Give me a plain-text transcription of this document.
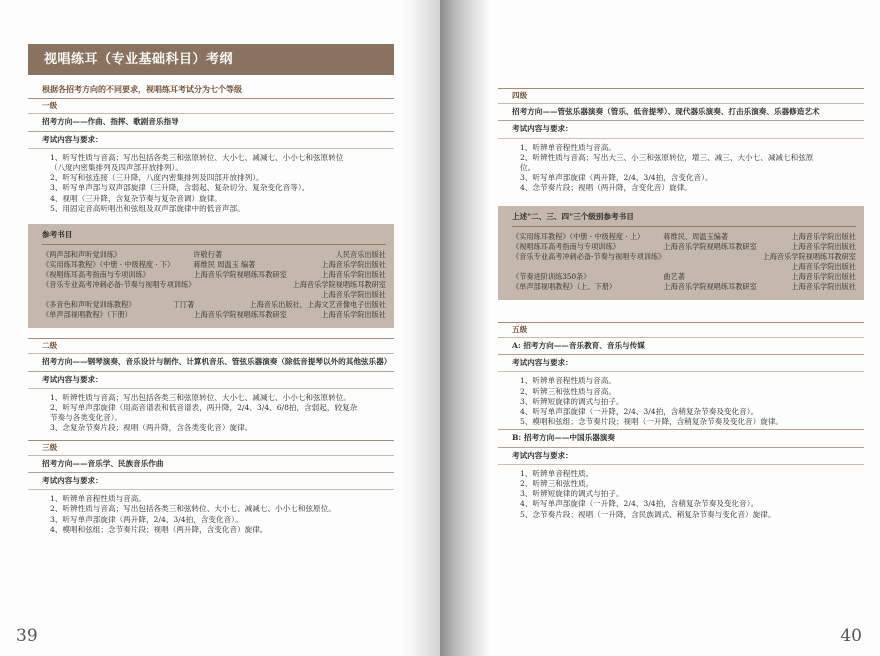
视唱练耳（专业基础科目）考纲
根据各招考方向的不同要求，视唱练耳考试分为七个等级
一级
招考方向——作曲、指挥、歌剧音乐指导
考试内容与要求：
1、听写性质与音高；写出包括各类三和弦原转位、大小七、减减七、小小七和弦原转位
（八度内密集排列及四声部开放排列）。
2、听写和弦连接（三升降，八度内密集排列及四部开放排列）。
3、听写单声部与双声部旋律（三升降，含弱起、复杂切分、复杂变化音等）。
4、视唱（三升降，含复杂节奏与复杂音调）旋律。
5、用固定音高听唱出和弦组及双声部旋律中的低音声部。
参考书目
《两声部和声听觉训练》	许敬行著	人民音乐出版社
《实用练耳教程》（中册 · 中级程度 · 下）	蒋维民 周温玉 编著	上海音乐学院出版社
《视唱练耳高考指南与专项训练》	上海音乐学院视唱练耳教研室	上海音乐学院出版社
《音乐专业高考冲刺必备-节奏与视唱专项训练》	上海音乐学院视唱练耳教研室
上海音乐学院出版社
《多音色和声听觉训练教程》	丁汀著	上海音乐出版社，上海文艺音像电子出版社
《单声部视唱教程》（下册）	上海音乐学院视唱练耳教研室	上海音乐学院出版社
二级
招考方向——钢琴演奏、音乐设计与制作、计算机音乐、管弦乐器演奏（除低音提琴以外的其他弦乐器）
考试内容与要求：
1、听辨性质与音高；写出包括各类三和弦原转位、大小七、减减七、小小七和弦原转位。
2、听写单声部旋律（用高音谱表和低音谱表，两升降，2/4、3/4、6/8拍，含弱起，较复杂
节奏与各类变化音）。
3、念复杂节奏片段；视唱（两升降，含各类变化音）旋律。
三级
招考方向——音乐学、民族音乐作曲
考试内容与要求：
1、听辨单音程性质与音高。
2、听辨性质与音高；写出包括各类三和弦转位、大小七、减减七、小小七和弦原位。
3、听写单声部旋律（两升降，2/4、3/4拍，含变化音）。
4、模唱和弦组；念节奏片段；视唱（两升降，含变化音）旋律。
39
四级
招考方向——管弦乐器演奏（管乐、低音提琴）、现代器乐演奏、打击乐演奏、乐器修造艺术
考试内容与要求：
1、听辨单音程性质与音高。
2、听辨性质与音高；写出大三、小三和弦原转位，增三、减三、大小七、减减七和弦原
位。
3、听写单声部旋律（两升降，2/4、3/4拍，含变化音）。
4、念节奏片段；视唱（两升降，含变化音）旋律。
上述"二、三、四"三个级别参考书目
《实用练耳教程》（中册 · 中级程度 · 上）	蒋维民、周温玉编著	上海音乐学院出版社
《视唱练耳高考指南与专项训练》	上海音乐学院视唱练耳教研室	上海音乐学院出版社
《音乐专业高考冲刺必备-节奏与视唱专项训练》	上海音乐学院视唱练耳教研室
上海音乐学院出版社
《节奏进阶训练350条》	曲艺著	上海音乐学院出版社
《单声部视唱教程》（上、下册）	上海音乐学院视唱练耳教研室	上海音乐学院出版社
五级
A: 招考方向——音乐教育、音乐与传媒
考试内容与要求：
1、听辨单音程性质与音高。
2、听辨三和弦性质与音高。
3、听辨短旋律的调式与拍子。
4、听写单声部旋律（一升降，2/4、3/4拍，含稍复杂节奏及变化音）。
5、模唱和弦组；念节奏片段；视唱（一升降，含稍复杂节奏及变化音）旋律。
B: 招考方向——中国乐器演奏
考试内容与要求：
1、听辨单音程性质。
2、听辨三和弦性质。
3、听辨短旋律的调式与拍子。
4、听写单声部旋律（一升降，2/4、3/4拍，含稍复杂节奏及变化音）。
5、念节奏片段；视唱（一升降，含民族调式、稍复杂节奏与变化音）旋律。
40
